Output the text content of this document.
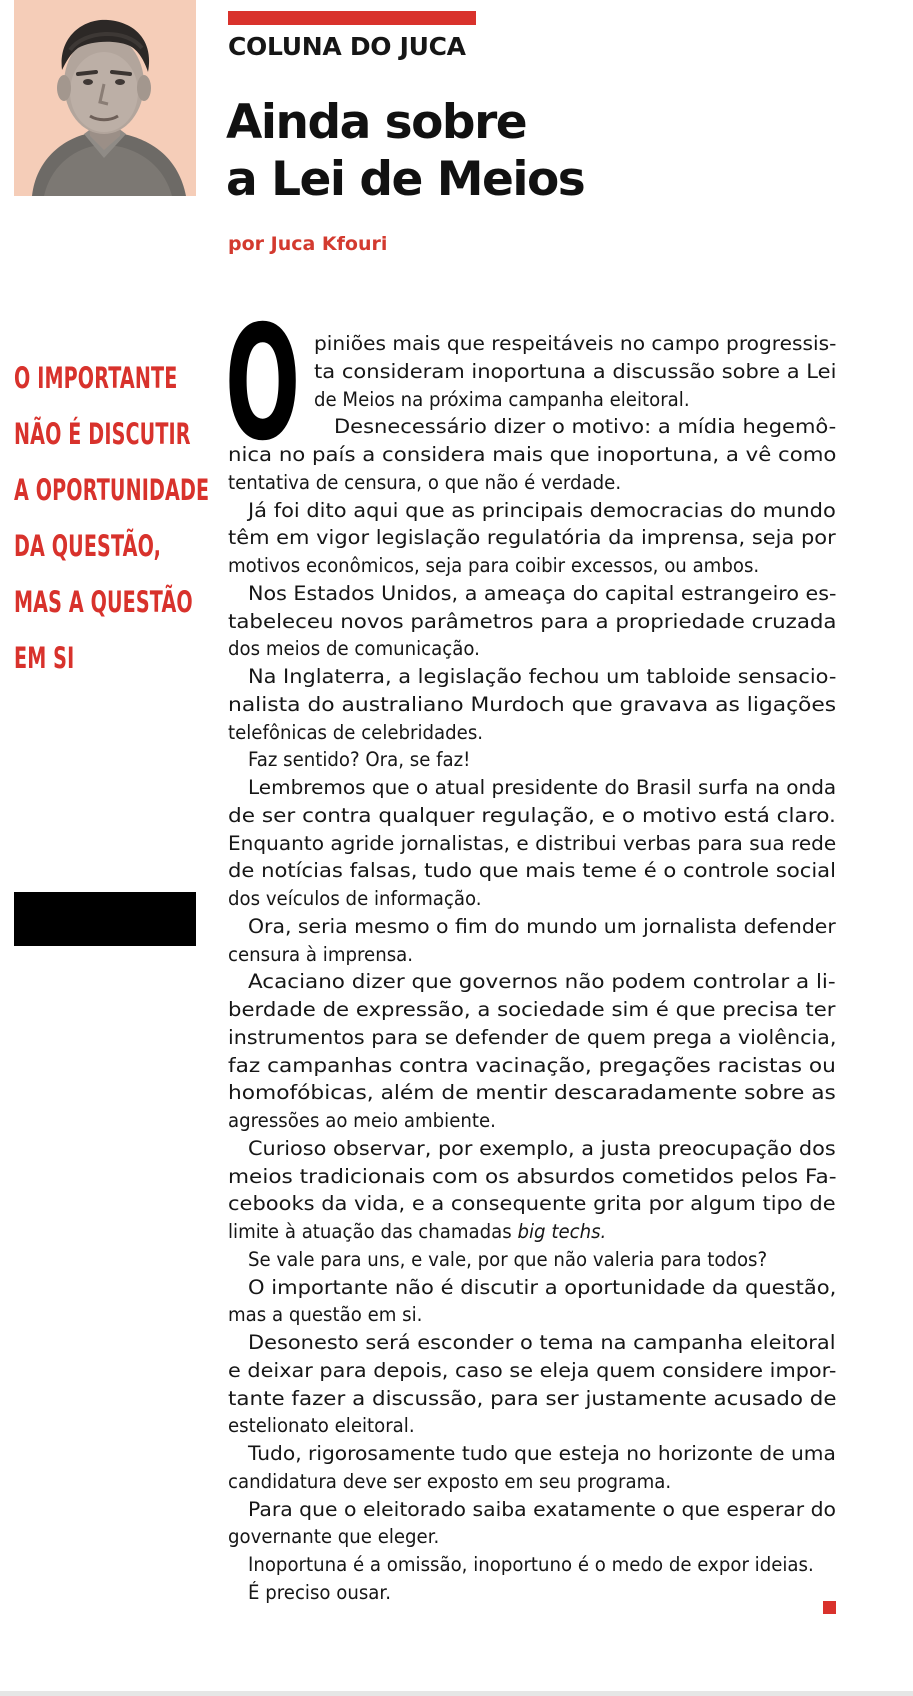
COLUNA DO JUCA
Ainda sobre
a Lei de Meios
por Juca Kfouri
O IMPORTANTE
NÃO É DISCUTIR
A OPORTUNIDADE
DA QUESTÃO,
MAS A QUESTÃO
EM SI
O piniões mais que respeitáveis no campo progressis-
ta consideram inoportuna a discussão sobre a Lei
de Meios na próxima campanha eleitoral.
Desnecessário dizer o motivo: a mídia hegemô-
nica no país a considera mais que inoportuna, a vê como
tentativa de censura, o que não é verdade.
Já foi dito aqui que as principais democracias do mundo
têm em vigor legislação regulatória da imprensa, seja por
motivos econômicos, seja para coibir excessos, ou ambos.
Nos Estados Unidos, a ameaça do capital estrangeiro es-
tabeleceu novos parâmetros para a propriedade cruzada
dos meios de comunicação.
Na Inglaterra, a legislação fechou um tabloide sensacio-
nalista do australiano Murdoch que gravava as ligações
telefônicas de celebridades.
Faz sentido? Ora, se faz!
Lembremos que o atual presidente do Brasil surfa na onda
de ser contra qualquer regulação, e o motivo está claro.
Enquanto agride jornalistas, e distribui verbas para sua rede
de notícias falsas, tudo que mais teme é o controle social
dos veículos de informação.
Ora, seria mesmo o fim do mundo um jornalista defender
censura à imprensa.
Acaciano dizer que governos não podem controlar a li-
berdade de expressão, a sociedade sim é que precisa ter
instrumentos para se defender de quem prega a violência,
faz campanhas contra vacinação, pregações racistas ou
homofóbicas, além de mentir descaradamente sobre as
agressões ao meio ambiente.
Curioso observar, por exemplo, a justa preocupação dos
meios tradicionais com os absurdos cometidos pelos Fa-
cebooks da vida, e a consequente grita por algum tipo de
limite à atuação das chamadas big techs.
Se vale para uns, e vale, por que não valeria para todos?
O importante não é discutir a oportunidade da questão,
mas a questão em si.
Desonesto será esconder o tema na campanha eleitoral
e deixar para depois, caso se eleja quem considere impor-
tante fazer a discussão, para ser justamente acusado de
estelionato eleitoral.
Tudo, rigorosamente tudo que esteja no horizonte de uma
candidatura deve ser exposto em seu programa.
Para que o eleitorado saiba exatamente o que esperar do
governante que eleger.
Inoportuna é a omissão, inoportuno é o medo de expor ideias.
É preciso ousar.
